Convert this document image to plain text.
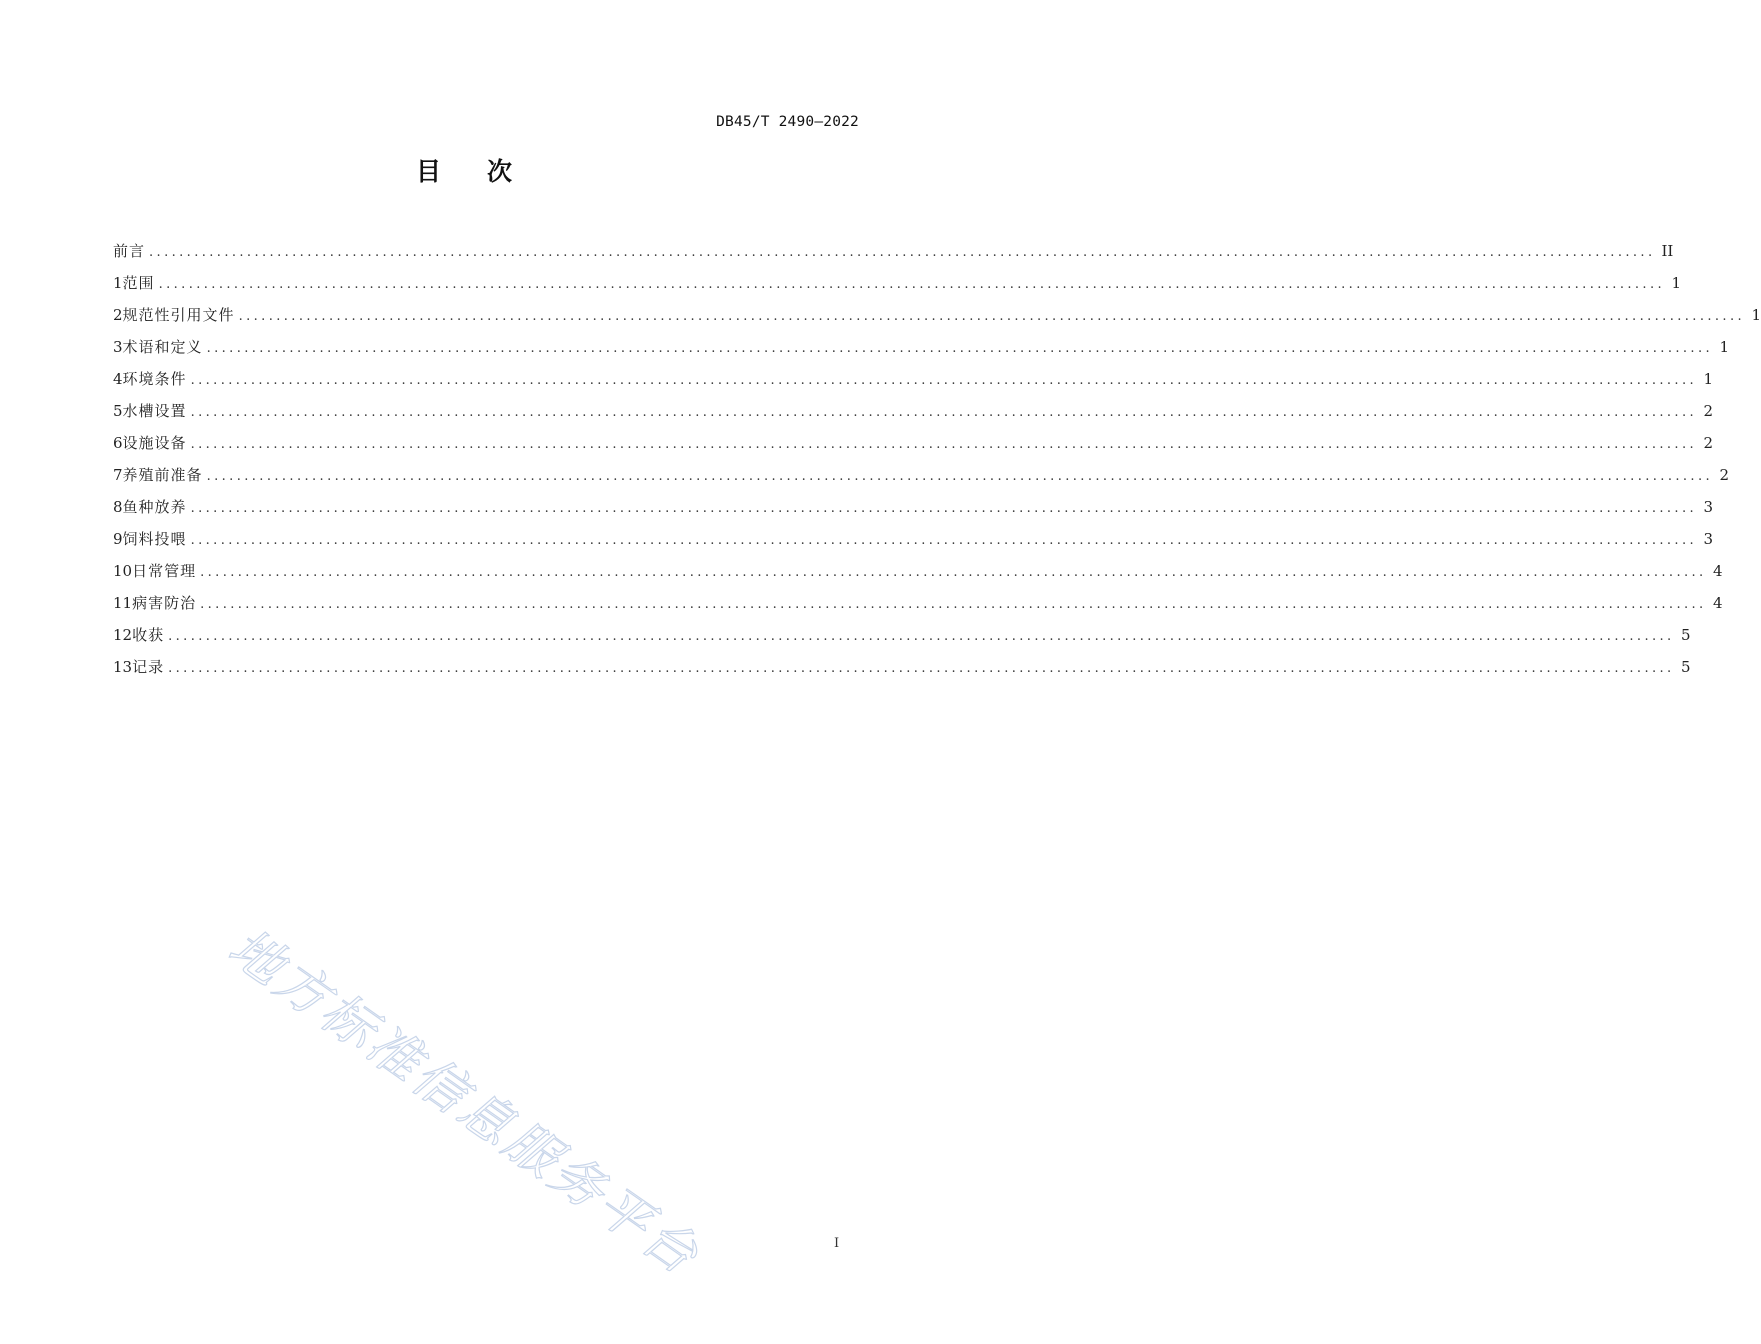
DB45/T 2490—2022
目次
前言 ........................................................................................................................................................................................................ II
1 范围 ........................................................................................................................................................................................................ 1
2 规范性引用文件 ........................................................................................................................................................................................................ 1
3 术语和定义 ........................................................................................................................................................................................................ 1
4 环境条件 ........................................................................................................................................................................................................ 1
5 水槽设置 ........................................................................................................................................................................................................ 2
6 设施设备 ........................................................................................................................................................................................................ 2
7 养殖前准备 ........................................................................................................................................................................................................ 2
8 鱼种放养 ........................................................................................................................................................................................................ 3
9 饲料投喂 ........................................................................................................................................................................................................ 3
10 日常管理 ........................................................................................................................................................................................................ 4
11 病害防治 ........................................................................................................................................................................................................ 4
12 收获 ........................................................................................................................................................................................................ 5
13 记录 ........................................................................................................................................................................................................ 5
地方标准信息服务平台	I
